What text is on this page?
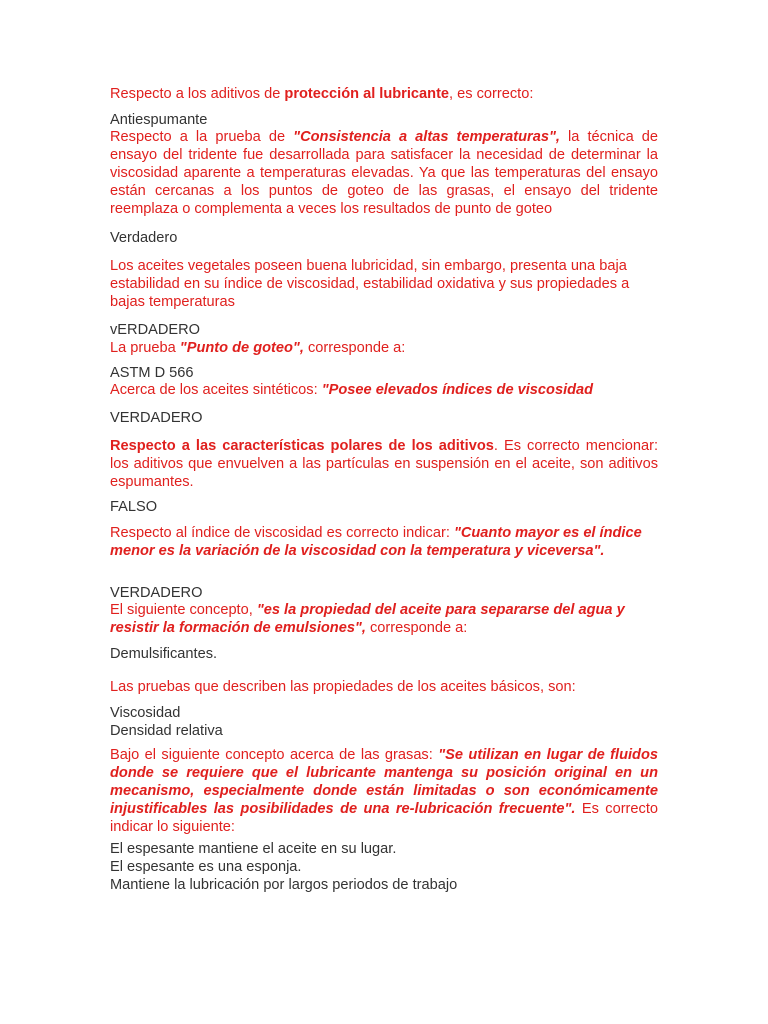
Respecto a los aditivos de protección al lubricante, es correcto:

Antiespumante

Respecto a la prueba de "Consistencia a altas temperaturas", la técnica de ensayo del tridente fue desarrollada para satisfacer la necesidad de determinar la viscosidad aparente a temperaturas elevadas. Ya que las temperaturas del ensayo están cercanas a los puntos de goteo de las grasas, el ensayo del tridente reemplaza o complementa a veces los resultados de punto de goteo

Verdadero

Los aceites vegetales poseen buena lubricidad, sin embargo, presenta una baja estabilidad en su índice de viscosidad, estabilidad oxidativa y sus propiedades a bajas temperaturas

vERDADERO

La prueba "Punto de goteo", corresponde a:

ASTM D 566

Acerca de los aceites sintéticos: "Posee elevados índices de viscosidad

VERDADERO

Respecto a las características polares de los aditivos. Es correcto mencionar: los aditivos que envuelven a las partículas en suspensión en el aceite, son aditivos espumantes.

FALSO

Respecto al índice de viscosidad es correcto indicar: "Cuanto mayor es el índice menor es la variación de la viscosidad con la temperatura y viceversa".

VERDADERO

El siguiente concepto, "es la propiedad del aceite para separarse del agua y resistir la formación de emulsiones", corresponde a:

Demulsificantes.

Las pruebas que describen las propiedades de los aceites básicos, son:

Viscosidad
Densidad relativa

Bajo el siguiente concepto acerca de las grasas: "Se utilizan en lugar de fluidos donde se requiere que el lubricante mantenga su posición original en un mecanismo, especialmente donde están limitadas o son económicamente injustificables las posibilidades de una re-lubricación frecuente". Es correcto indicar lo siguiente:

El espesante mantiene el aceite en su lugar.
El espesante es una esponja.
Mantiene la lubricación por largos periodos de trabajo
